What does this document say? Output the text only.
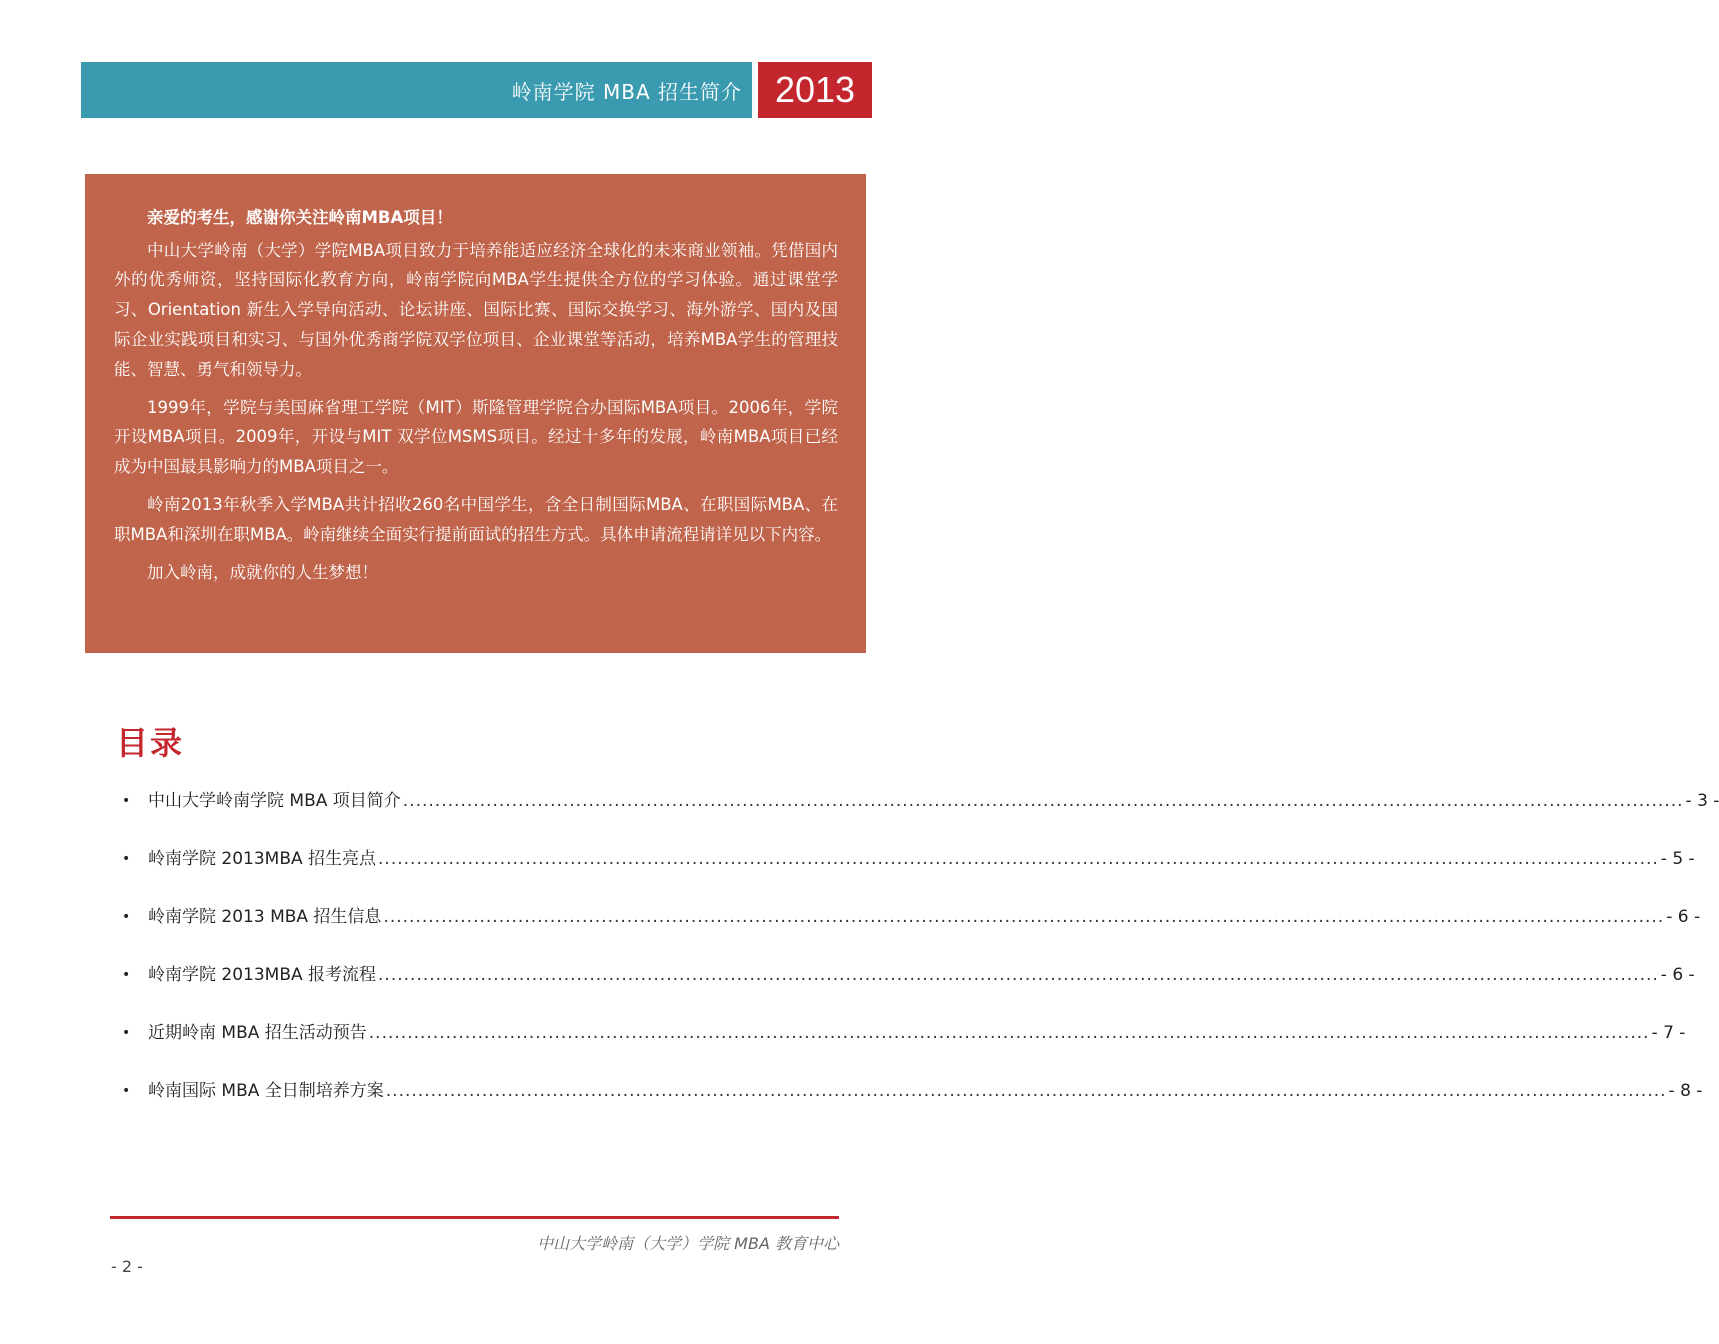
岭南学院 MBA 招生简介 2013

亲爱的考生，感谢你关注岭南MBA项目！

中山大学岭南（大学）学院MBA项目致力于培养能适应经济全球化的未来商业领袖。凭借国内外的优秀师资，坚持国际化教育方向，岭南学院向MBA学生提供全方位的学习体验。通过课堂学习、Orientation 新生入学导向活动、论坛讲座、国际比赛、国际交换学习、海外游学、国内及国际企业实践项目和实习、与国外优秀商学院双学位项目、企业课堂等活动，培养MBA学生的管理技能、智慧、勇气和领导力。

1999年，学院与美国麻省理工学院（MIT）斯隆管理学院合办国际MBA项目。2006年，学院开设MBA项目。2009年，开设与MIT 双学位MSMS项目。经过十多年的发展，岭南MBA项目已经成为中国最具影响力的MBA项目之一。

岭南2013年秋季入学MBA共计招收260名中国学生，含全日制国际MBA、在职国际MBA、在职MBA和深圳在职MBA。岭南继续全面实行提前面试的招生方式。具体申请流程请详见以下内容。

加入岭南，成就你的人生梦想！

目录
•	中山大学岭南学院 MBA 项目简介 ........................................................................................................................................................................................................ - 3 -
•	岭南学院 2013MBA 招生亮点 ........................................................................................................................................................................................................ - 5 -
•	岭南学院 2013 MBA 招生信息 ........................................................................................................................................................................................................ - 6 -
•	岭南学院 2013MBA 报考流程 ........................................................................................................................................................................................................ - 6 -
•	近期岭南 MBA 招生活动预告 ........................................................................................................................................................................................................ - 7 -
•	岭南国际 MBA 全日制培养方案 ........................................................................................................................................................................................................ - 8 -
中山大学岭南（大学）学院 MBA 教育中心
- 2 -
